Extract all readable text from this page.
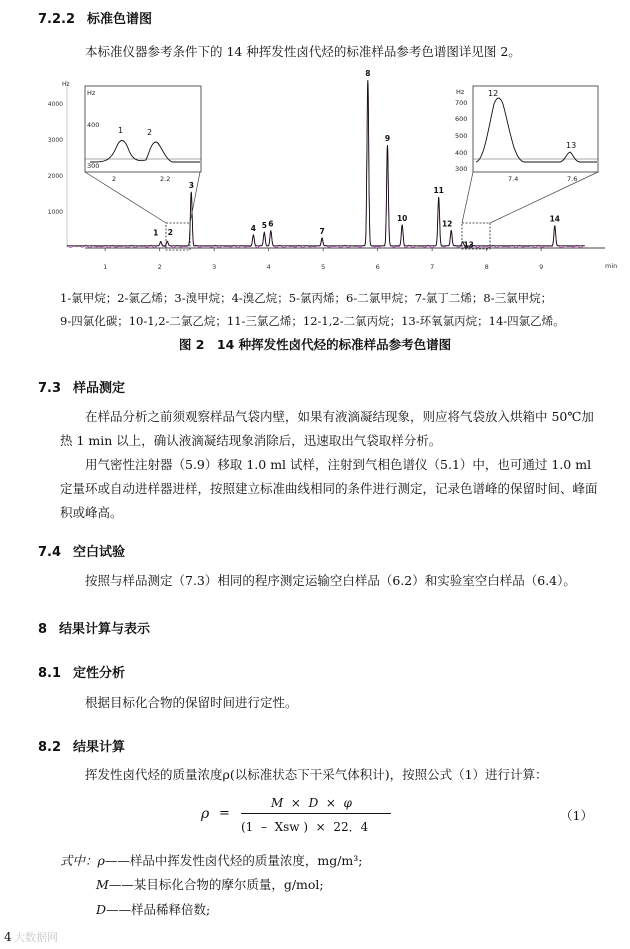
7.2.2 标准色谱图
本标准仪器参考条件下的 14 种挥发性卤代烃的标准样品参考色谱图详见图 2。
Hz
min
1	2	3	4	5	6	7	8	9
1000
2000
3000
4000
1 2
3
4 5 6
7
8
9
10
11
12
13
14
Hz
400
300
1	2
2	2.2
Hz
700
600
500
400
300
12
13
7.4	7.6
1-氯甲烷；2-氯乙烯；3-溴甲烷；4-溴乙烷；5-氯丙烯；6-二氯甲烷；7-氯丁二烯；8-三氯甲烷；
9-四氯化碳；10-1,2-二氯乙烷；11-三氯乙烯；12-1,2-二氯丙烷；13-环氧氯丙烷；14-四氯乙烯。
图 2　14 种挥发性卤代烃的标准样品参考色谱图
7.3 样品测定
在样品分析之前须观察样品气袋内壁，如果有液滴凝结现象，则应将气袋放入烘箱中 50℃加热 1 min 以上，确认液滴凝结现象消除后，迅速取出气袋取样分析。
用气密性注射器（5.9）移取 1.0 ml 试样，注射到气相色谱仪（5.1）中，也可通过 1.0 ml 定量环或自动进样器进样，按照建立标准曲线相同的条件进行测定，记录色谱峰的保留时间、峰面积或峰高。
7.4 空白试验
按照与样品测定（7.3）相同的程序测定运输空白样品（6.2）和实验室空白样品（6.4）。
8 结果计算与表示
8.1 定性分析
根据目标化合物的保留时间进行定性。
8.2 结果计算
挥发性卤代烃的质量浓度ρ(以标准状态下干采气体积计)，按照公式（1）进行计算：
ρ =
M  ×  D  ×  φ
(1  –  Xsw )  ×  22．4
（1）
式中：ρ——样品中挥发性卤代烃的质量浓度，mg/m³;
M——某目标化合物的摩尔质量，g/mol;
D——样品稀释倍数;
4 大数据网
